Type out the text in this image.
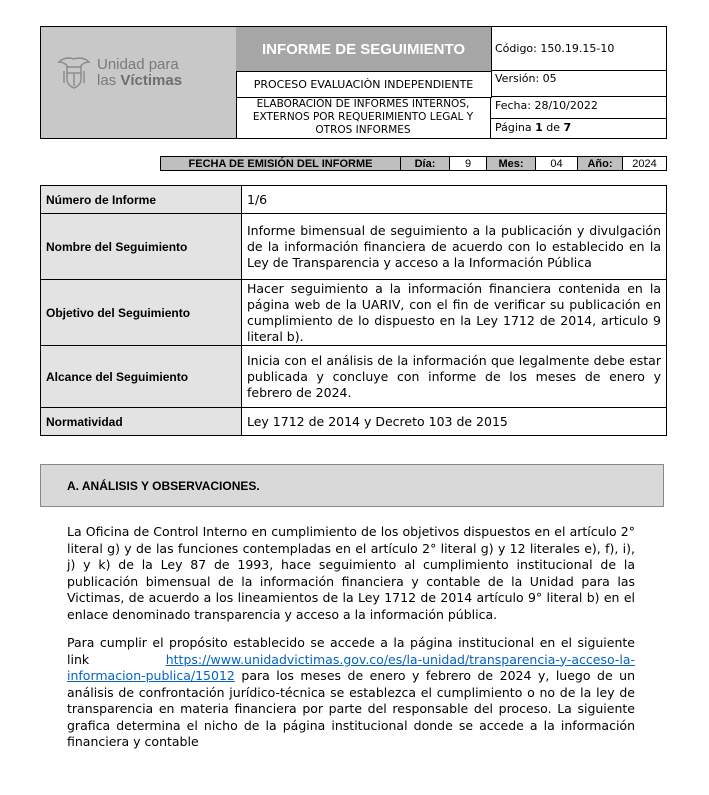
Unidad para
las Víctimas
INFORME DE SEGUIMIENTO
PROCESO EVALUACIÒN INDEPENDIENTE
ELABORACIÓN DE INFORMES INTERNOS, EXTERNOS POR REQUERIMIENTO LEGAL Y OTROS INFORMES
Código: 150.19.15-10
Versión: 05
Fecha: 28/10/2022
Página 1 de 7
FECHA DE EMISIÓN DEL INFORME	Día:	9	Mes:	04	Año:	2024
Número de Informe	1/6
Nombre del Seguimiento	Informe bimensual de seguimiento a la publicación y divulgación de la información financiera de acuerdo con lo establecido en la Ley de Transparencia y acceso a la Información Pública
Objetivo del Seguimiento	Hacer seguimiento a la información financiera contenida en la página web de la UARIV, con el fin de verificar su publicación en cumplimiento de lo dispuesto en la Ley 1712 de 2014, articulo 9 literal b).
Alcance del Seguimiento	Inicia con el análisis de la información que legalmente debe estar publicada y concluye con informe de los meses de enero y febrero de 2024.
Normatividad	Ley 1712 de 2014 y Decreto 103 de 2015
A. ANÁLISIS Y OBSERVACIONES.
La Oficina de Control Interno en cumplimiento de los objetivos dispuestos en el artículo 2° literal g) y de las funciones contempladas en el artículo 2° literal g) y 12 literales e), f), i), j) y k) de la Ley 87 de 1993, hace seguimiento al cumplimiento institucional de la publicación bimensual de la información financiera y contable de la Unidad para las Victimas, de acuerdo a los lineamientos de la Ley 1712 de 2014 artículo 9° literal b) en el enlace denominado transparencia y acceso a la información pública.
Para cumplir el propósito establecido se accede a la página institucional en el siguiente link https://www.unidadvictimas.gov.co/es/la-unidad/transparencia-y-acceso-la-informacion-publica/15012 para los meses de enero y febrero de 2024 y, luego de un análisis de confrontación jurídico-técnica se establezca el cumplimiento o no de la ley de transparencia en materia financiera por parte del responsable del proceso. La siguiente grafica determina el nicho de la página institucional donde se accede a la información financiera y contable
